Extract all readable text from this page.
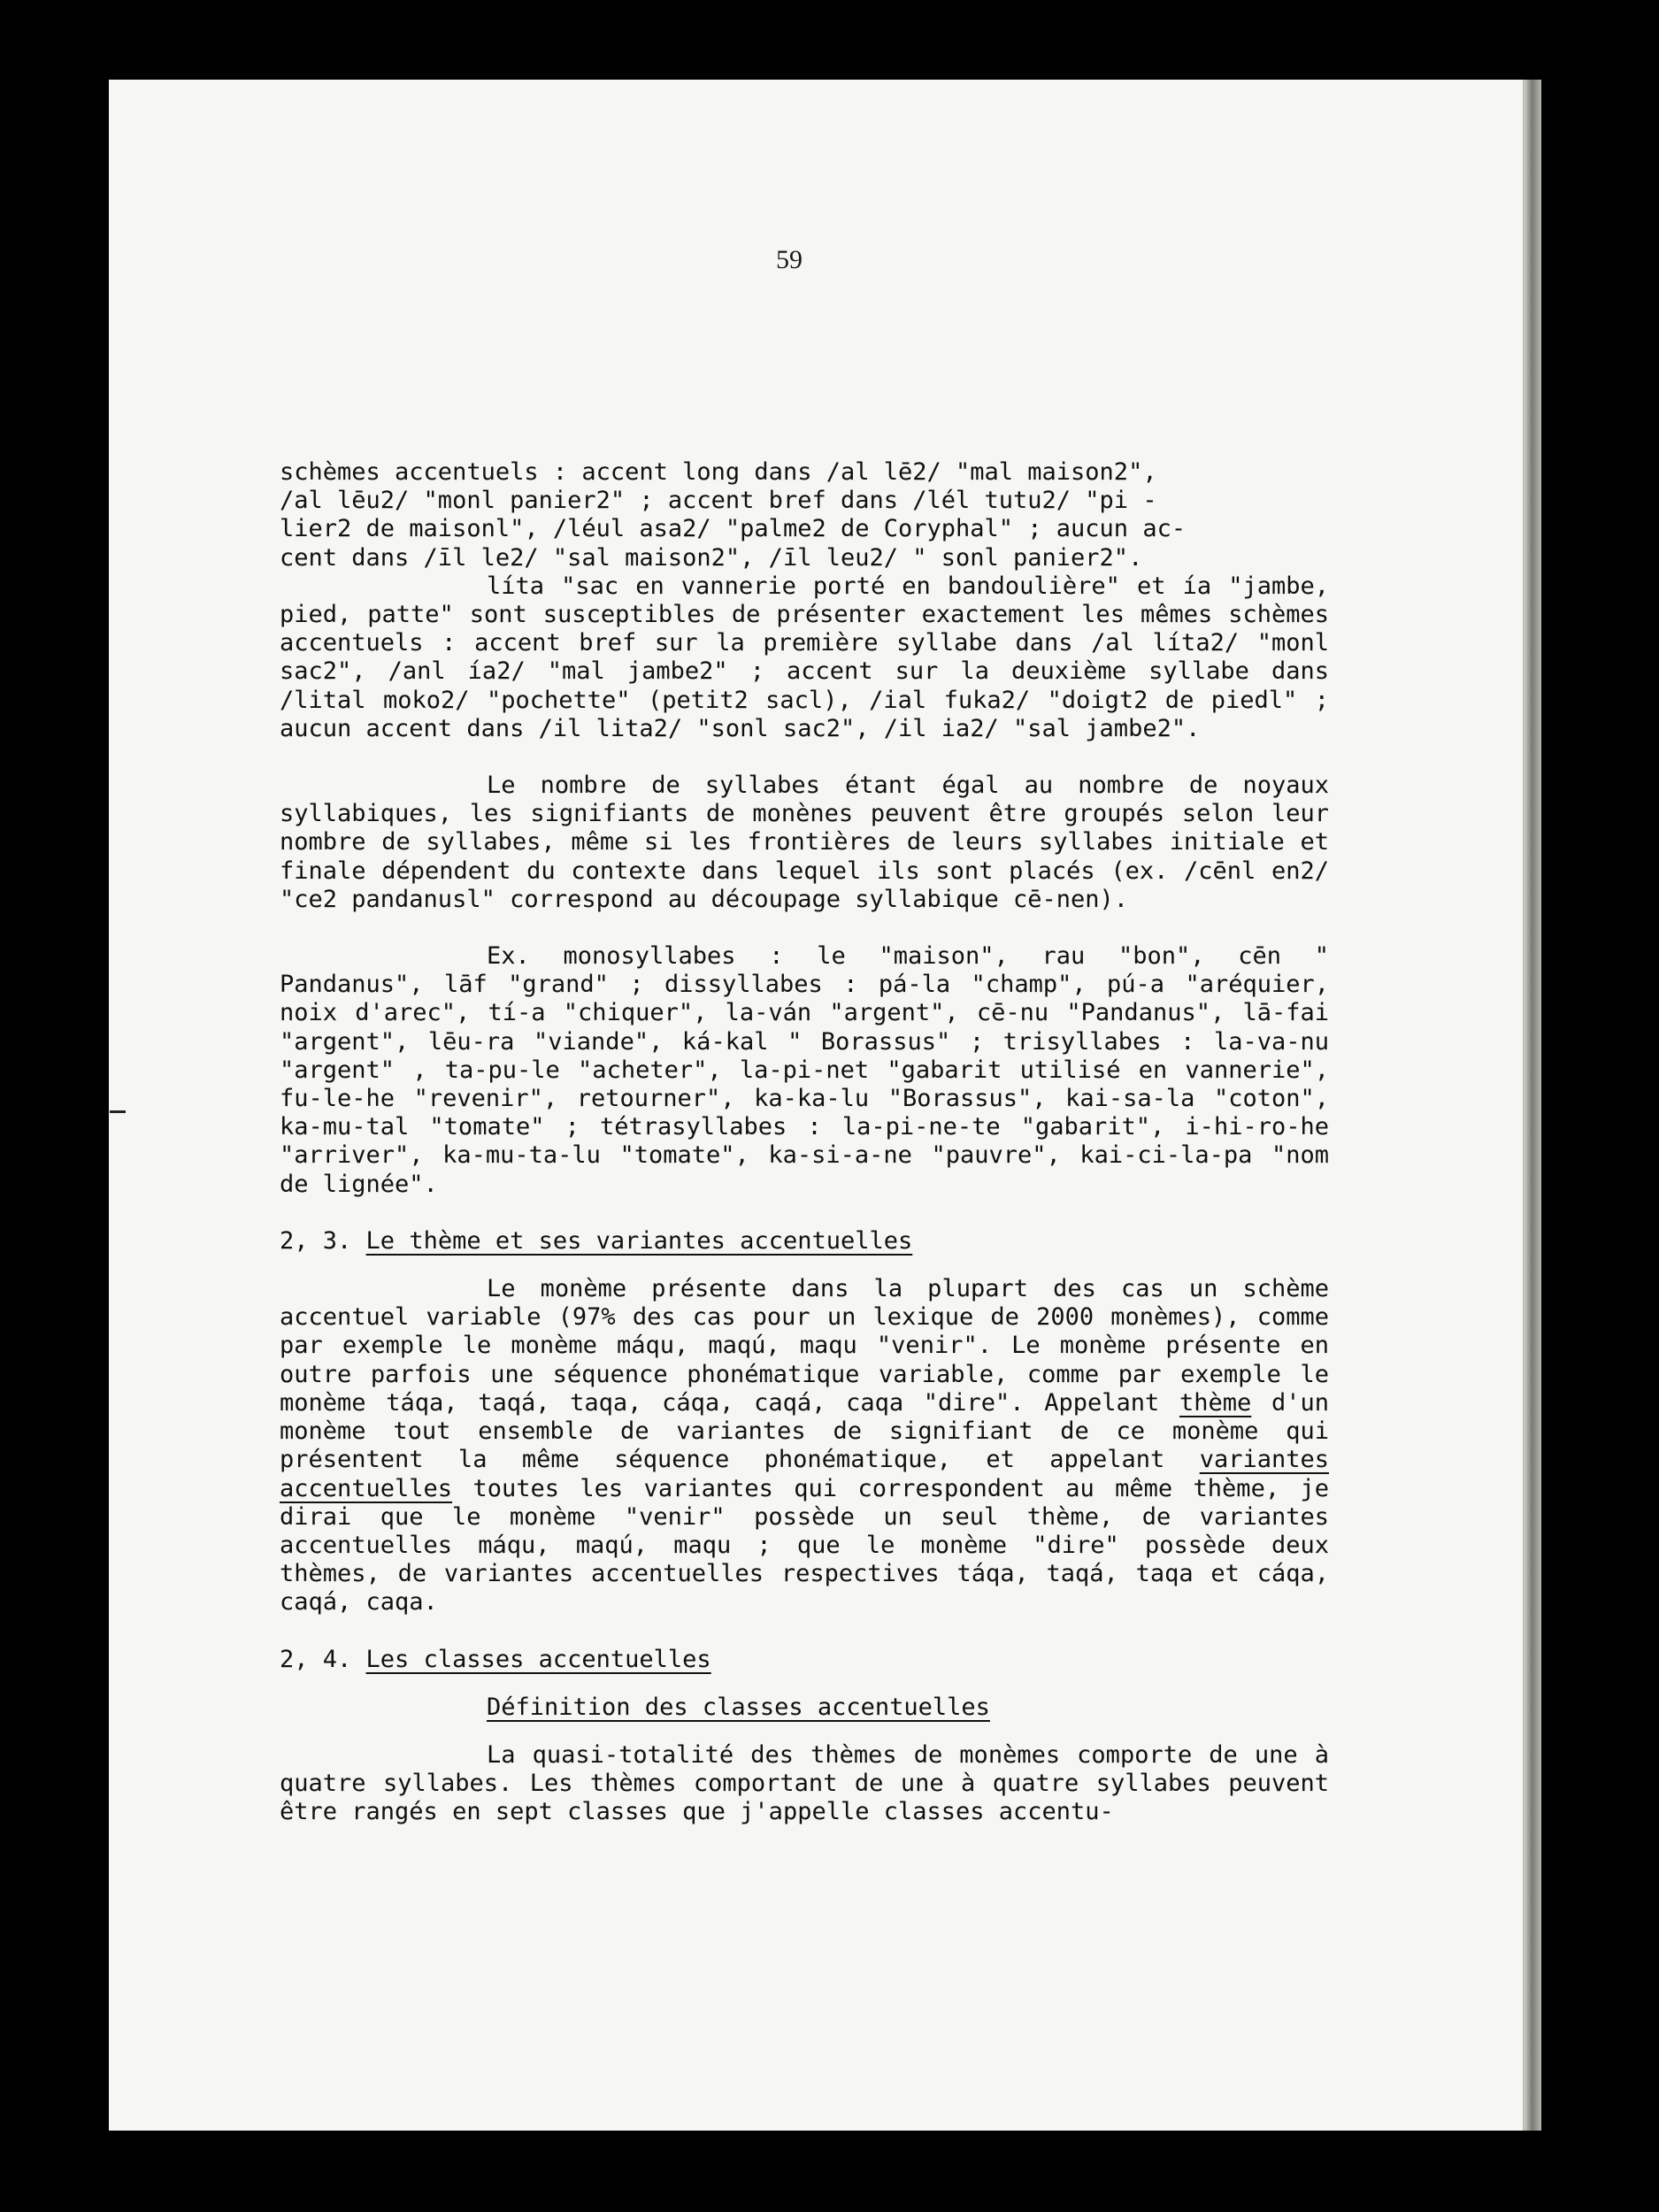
59

schèmes accentuels : accent long dans /al lē2/ "mal maison2",

/al lēu2/ "monl panier2" ; accent bref dans /lél tutu2/ "pi -

lier2 de maisonl", /léul asa2/ "palme2 de Coryphal" ; aucun ac-

cent dans /īl le2/ "sal maison2", /īl leu2/ " sonl panier2".

líta "sac en vannerie porté en bandoulière" et ía "jambe, pied, patte" sont susceptibles de présenter exactement les mêmes schèmes accentuels : accent bref sur la première syllabe dans /al líta2/ "monl sac2", /anl ía2/ "mal jambe2" ; accent sur la deuxième syllabe dans /lital moko2/ "pochette" (petit2 sacl), /ial fuka2/ "doigt2 de piedl" ; aucun accent dans /il lita2/ "sonl sac2", /il ia2/ "sal jambe2".

Le nombre de syllabes étant égal au nombre de noyaux syllabiques, les signifiants de monènes peuvent être groupés selon leur nombre de syllabes, même si les frontières de leurs syllabes initiale et finale dépendent du contexte dans lequel ils sont placés (ex. /cēnl en2/ "ce2 pandanusl" correspond au découpage syllabique cē-nen).

Ex. monosyllabes : le "maison", rau "bon", cēn " Pandanus", lāf "grand" ; dissyllabes : pá-la "champ", pú-a "aréquier, noix d'arec", tí-a "chiquer", la-ván "argent", cē-nu "Pandanus", lā-fai "argent", lēu-ra "viande", ká-kal " Borassus" ; trisyllabes : la-va-nu "argent" , ta-pu-le "acheter", la-pi-net "gabarit utilisé en vannerie", fu-le-he "revenir", retourner", ka-ka-lu "Borassus", kai-sa-la "coton", ka-mu-tal "tomate" ; tétrasyllabes : la-pi-ne-te "gabarit", i-hi-ro-he "arriver", ka-mu-ta-lu "tomate", ka-si-a-ne "pauvre", kai-ci-la-pa "nom de lignée".

2, 3. Le thème et ses variantes accentuelles

Le monème présente dans la plupart des cas un schème accentuel variable (97% des cas pour un lexique de 2000 monèmes), comme par exemple le monème máqu, maqú, maqu "venir". Le monème présente en outre parfois une séquence phonématique variable, comme par exemple le monème táqa, taqá, taqa, cáqa, caqá, caqa "dire". Appelant thème d'un monème tout ensemble de variantes de signifiant de ce monème qui présentent la même séquence phonématique, et appelant variantes accentuelles toutes les variantes qui correspondent au même thème, je dirai que le monème "venir" possède un seul thème, de variantes accentuelles máqu, maqú, maqu ; que le monème "dire" possède deux thèmes, de variantes accentuelles respectives táqa, taqá, taqa et cáqa, caqá, caqa.

2, 4. Les classes accentuelles

Définition des classes accentuelles

La quasi-totalité des thèmes de monèmes comporte de une à quatre syllabes. Les thèmes comportant de une à quatre syllabes peuvent être rangés en sept classes que j'appelle classes accentu-
